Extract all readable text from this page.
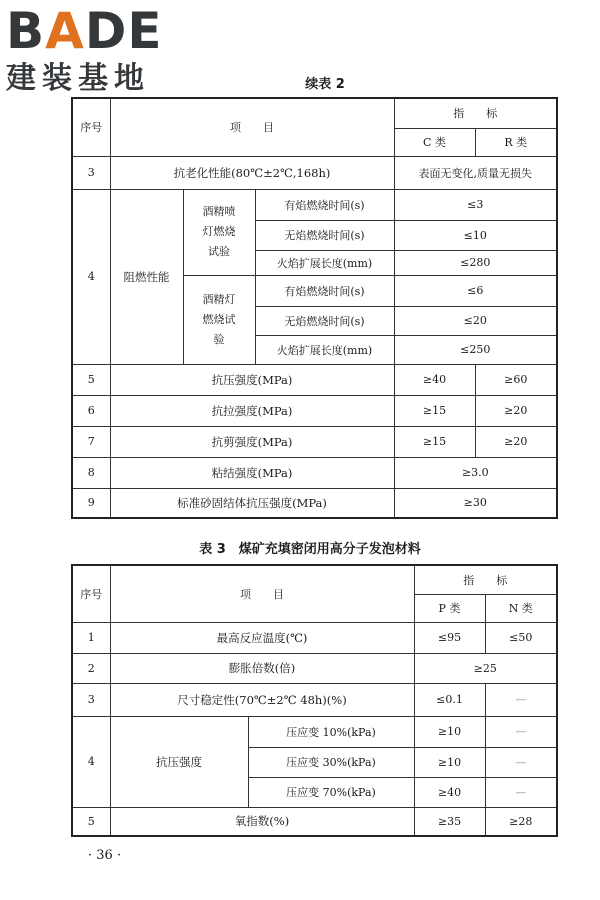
BADE
建装基地	续表 2
序号	项　　目			指　　标	
				C 类	R 类
3	抗老化性能(80℃±2℃,168h)			表面无变化,质量无损失	
4	阻燃性能	酒精喷灯燃烧试验	有焰燃烧时间(s)	≤3	
			无焰燃烧时间(s)	≤10	
			火焰扩展长度(mm)	≤280	
		酒精灯燃烧试验	有焰燃烧时间(s)	≤6	
			无焰燃烧时间(s)	≤20	
			火焰扩展长度(mm)	≤250	
5	抗压强度(MPa)			≥40	≥60
6	抗拉强度(MPa)			≥15	≥20
7	抗剪强度(MPa)			≥15	≥20
8	粘结强度(MPa)			≥3.0	
9	标准砂固结体抗压强度(MPa)			≥30	
表 3　煤矿充填密闭用高分子发泡材料
序号	项　　目		指　　标	
			P 类	N 类
1	最高反应温度(℃)		≤95	≤50
2	膨胀倍数(倍)		≥25	
3	尺寸稳定性(70℃±2℃ 48h)(%)		≤0.1	—
4	抗压强度	压应变 10%(kPa)	≥10	—
		压应变 30%(kPa)	≥10	—
		压应变 70%(kPa)	≥40	—
5	氧指数(%)		≥35	≥28
· 36 ·
